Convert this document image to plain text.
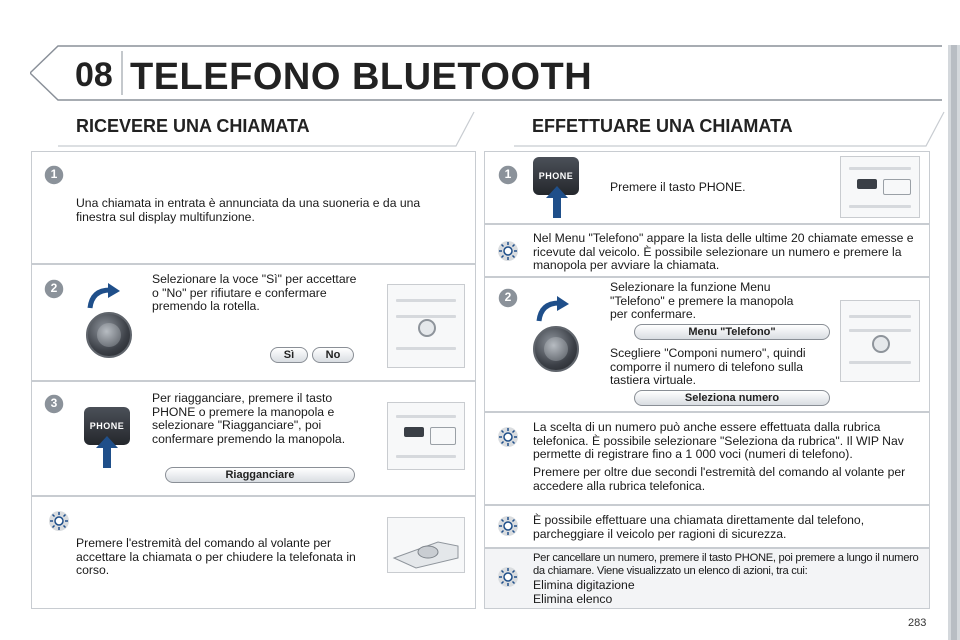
08 TELEFONO BLUETOOTH
RICEVERE UNA CHIAMATA	EFFETTUARE UNA CHIAMATA
1
Una chiamata in entrata è annunciata da una suoneria e da una finestra sul display multifunzione.
2
Selezionare la voce "Sì" per accettare o "No" per rifiutare e confermare premendo la rotella.
Sì	No
3
PHONE
Per riagganciare, premere il tasto PHONE o premere la manopola e selezionare "Riagganciare", poi confermare premendo la manopola.
Riagganciare
Premere l'estremità del comando al volante per accettare la chiamata o per chiudere la telefonata in corso.
1	PHONE
Premere il tasto PHONE.
Nel Menu "Telefono" appare la lista delle ultime 20 chiamate emesse e ricevute dal veicolo. È possibile selezionare un numero e premere la manopola per avviare la chiamata.
2
Selezionare la funzione Menu "Telefono" e premere la manopola per confermare.
Menu "Telefono"
Scegliere "Componi numero", quindi comporre il numero di telefono sulla tastiera virtuale.
Seleziona numero
La scelta di un numero può anche essere effettuata dalla rubrica telefonica. È possibile selezionare "Seleziona da rubrica". Il WIP Nav permette di registrare fino a 1 000 voci (numeri di telefono).
Premere per oltre due secondi l'estremità del comando al volante per accedere alla rubrica telefonica.
È possibile effettuare una chiamata direttamente dal telefono, parcheggiare il veicolo per ragioni di sicurezza.
Per cancellare un numero, premere il tasto PHONE, poi premere a lungo il numero da chiamare. Viene visualizzato un elenco di azioni, tra cui:
Elimina digitazione
Elimina elenco
283
